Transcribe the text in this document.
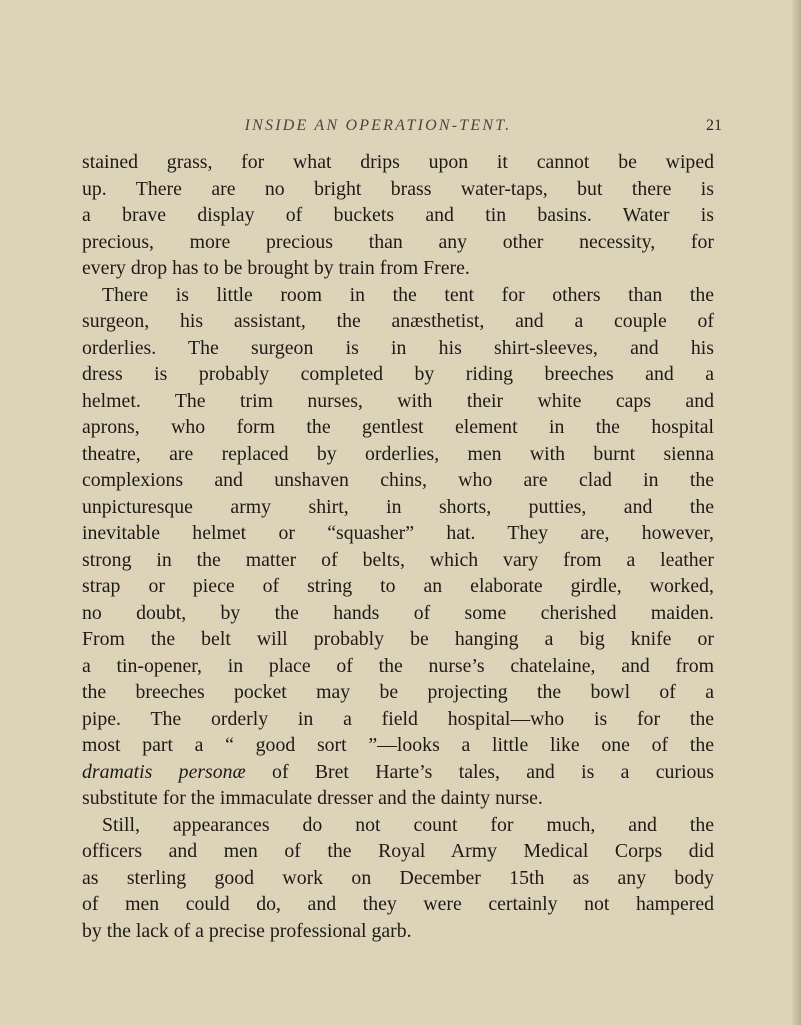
INSIDE AN OPERATION-TENT.	21
stained grass, for what drips upon it cannot be wiped
up. There are no bright brass water-taps, but there is
a brave display of buckets and tin basins. Water is
precious, more precious than any other necessity, for
every drop has to be brought by train from Frere.
There is little room in the tent for others than the
surgeon, his assistant, the anæsthetist, and a couple of
orderlies. The surgeon is in his shirt-sleeves, and his
dress is probably completed by riding breeches and a
helmet. The trim nurses, with their white caps and
aprons, who form the gentlest element in the hospital
theatre, are replaced by orderlies, men with burnt sienna
complexions and unshaven chins, who are clad in the
unpicturesque army shirt, in shorts, putties, and the
inevitable helmet or “squasher” hat. They are, however,
strong in the matter of belts, which vary from a leather
strap or piece of string to an elaborate girdle, worked,
no doubt, by the hands of some cherished maiden.
From the belt will probably be hanging a big knife or
a tin-opener, in place of the nurse’s chatelaine, and from
the breeches pocket may be projecting the bowl of a
pipe. The orderly in a field hospital—who is for the
most part a “ good sort ”—looks a little like one of the
dramatis personæ of Bret Harte’s tales, and is a curious
substitute for the immaculate dresser and the dainty nurse.
Still, appearances do not count for much, and the
officers and men of the Royal Army Medical Corps did
as sterling good work on December 15th as any body
of men could do, and they were certainly not hampered
by the lack of a precise professional garb.
